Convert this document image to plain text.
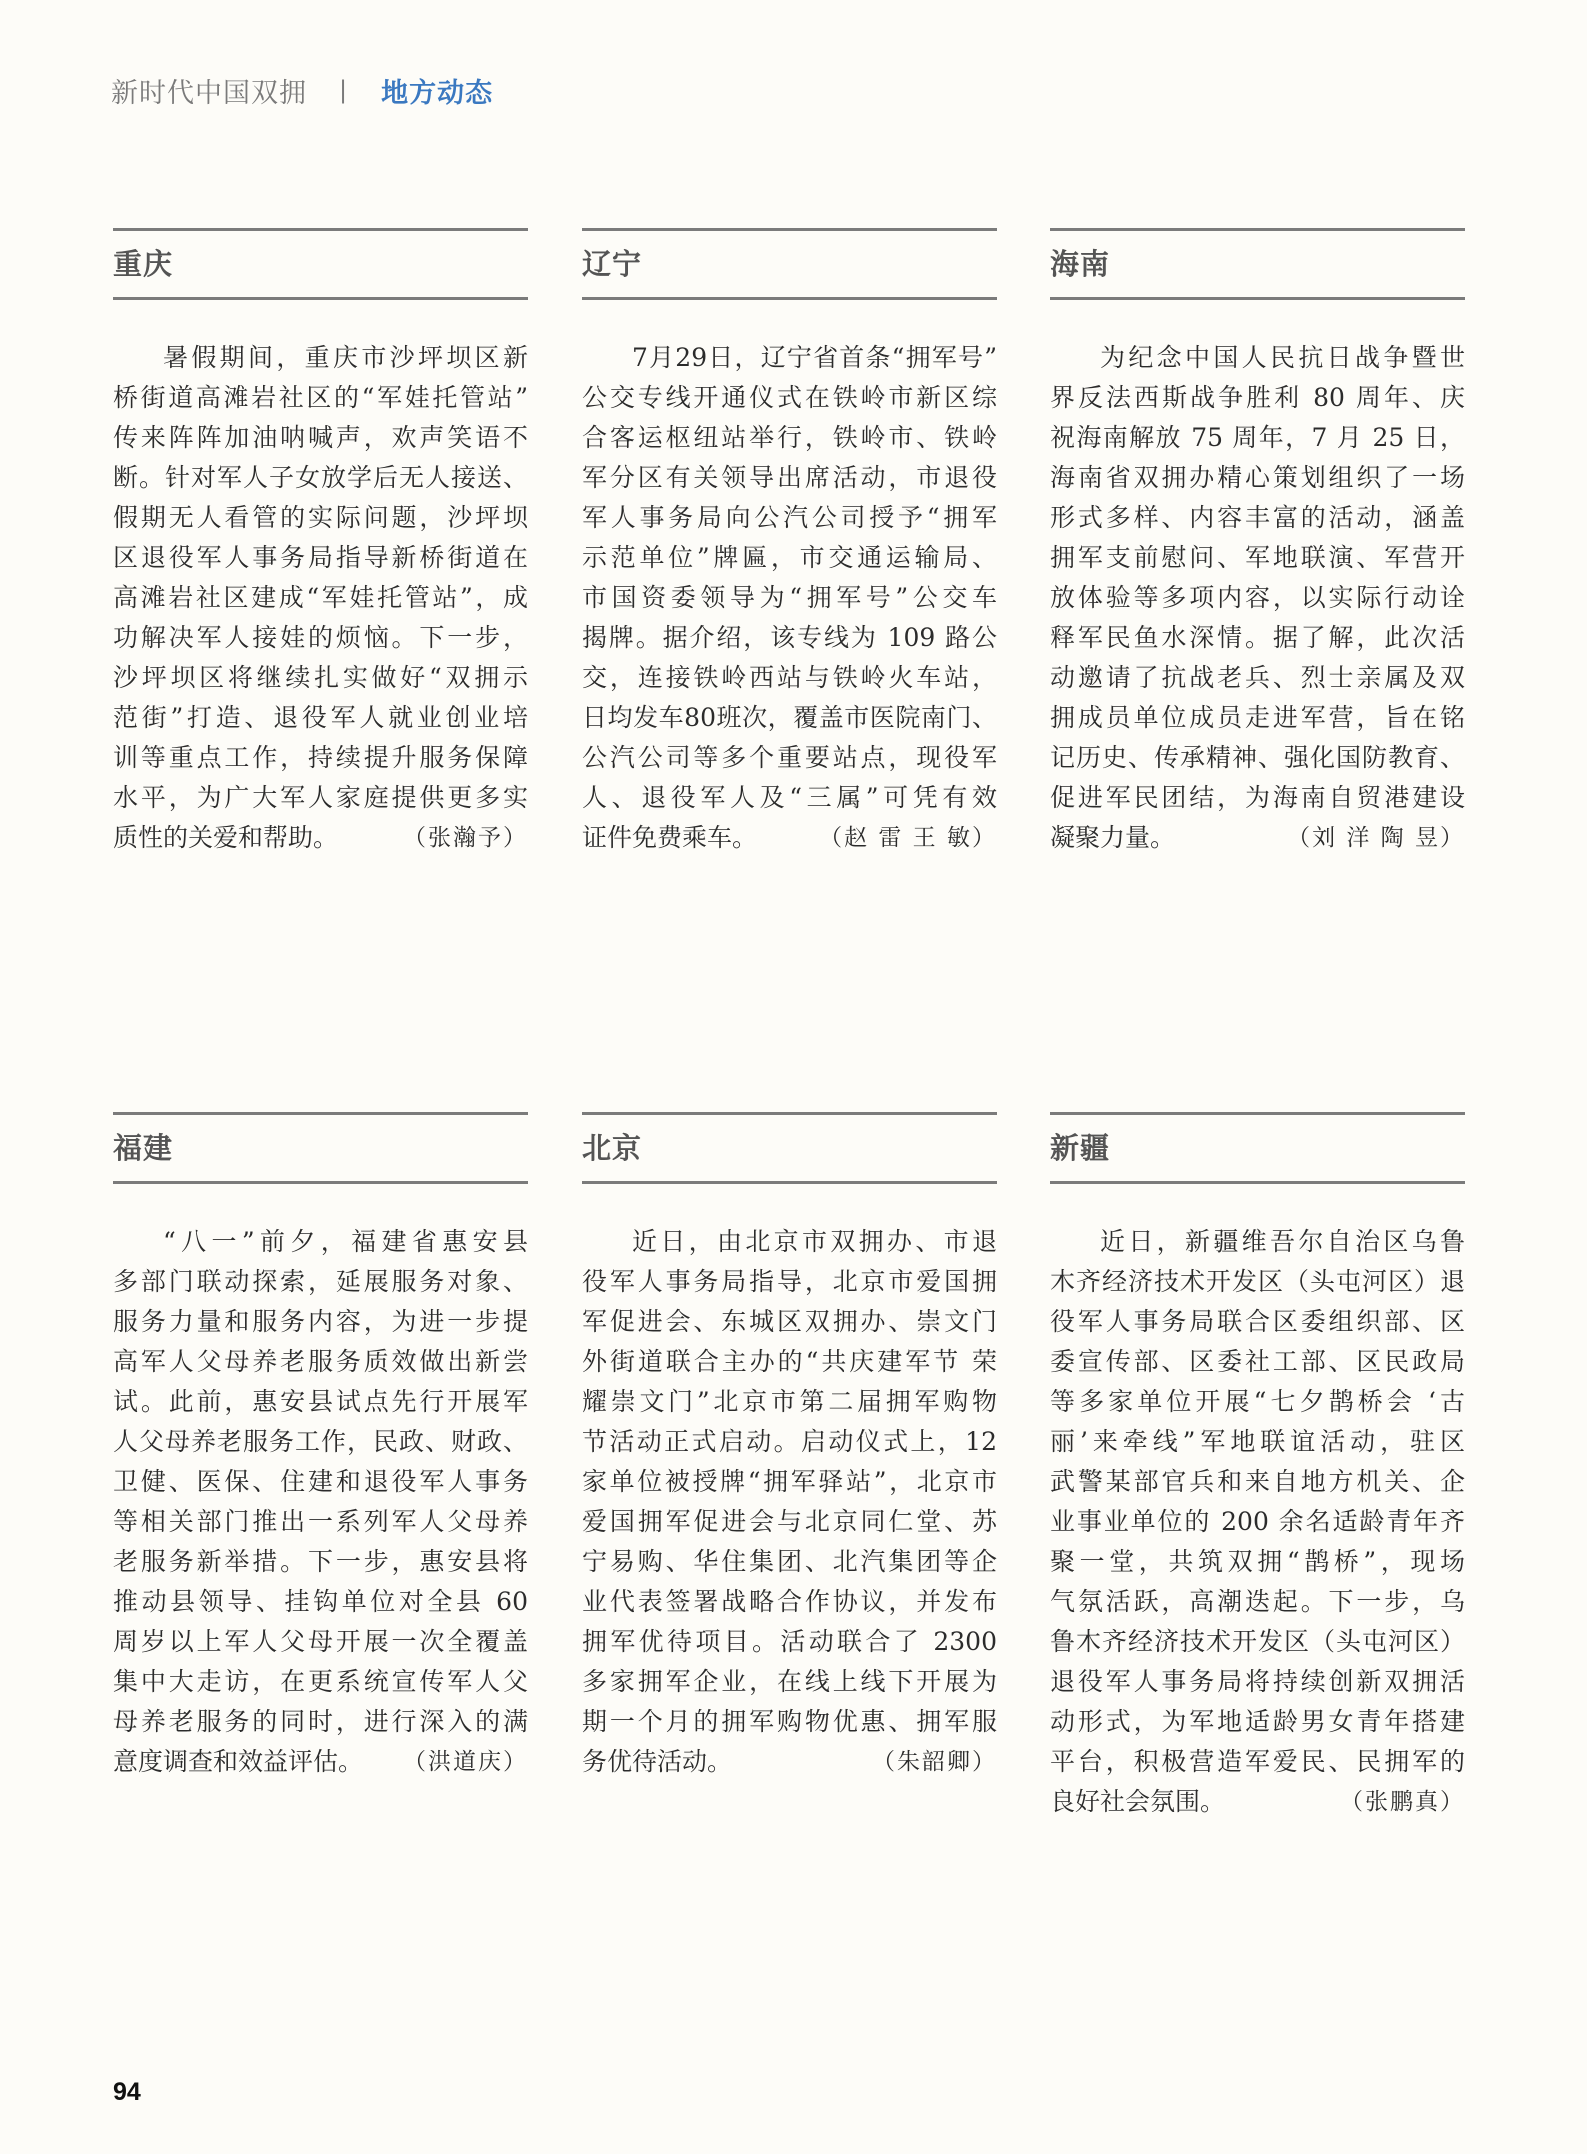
新时代中国双拥 | 地方动态
重庆
暑假期间，重庆市沙坪坝区新
桥街道高滩岩社区的“军娃托管站”
传来阵阵加油呐喊声，欢声笑语不
断。针对军人子女放学后无人接送、
假期无人看管的实际问题，沙坪坝
区退役军人事务局指导新桥街道在
高滩岩社区建成“军娃托管站”，成
功解决军人接娃的烦恼。下一步，
沙坪坝区将继续扎实做好“双拥示
范街”打造、退役军人就业创业培
训等重点工作，持续提升服务保障
水平，为广大军人家庭提供更多实
质性的关爱和帮助。	（张瀚予）
辽宁
7月29日，辽宁省首条“拥军号”
公交专线开通仪式在铁岭市新区综
合客运枢纽站举行，铁岭市、铁岭
军分区有关领导出席活动，市退役
军人事务局向公汽公司授予“拥军
示范单位”牌匾，市交通运输局、
市国资委领导为“拥军号”公交车
揭牌。据介绍，该专线为 109 路公
交，连接铁岭西站与铁岭火车站，
日均发车80班次，覆盖市医院南门、
公汽公司等多个重要站点，现役军
人、退役军人及“三属”可凭有效
证件免费乘车。	（赵 雷 王 敏）
海南
为纪念中国人民抗日战争暨世
界反法西斯战争胜利 80 周年、庆
祝海南解放 75 周年，7 月 25 日，
海南省双拥办精心策划组织了一场
形式多样、内容丰富的活动，涵盖
拥军支前慰问、军地联演、军营开
放体验等多项内容，以实际行动诠
释军民鱼水深情。据了解，此次活
动邀请了抗战老兵、烈士亲属及双
拥成员单位成员走进军营，旨在铭
记历史、传承精神、强化国防教育、
促进军民团结，为海南自贸港建设
凝聚力量。	（刘 洋 陶 昱）
福建
“八一”前夕，福建省惠安县
多部门联动探索，延展服务对象、
服务力量和服务内容，为进一步提
高军人父母养老服务质效做出新尝
试。此前，惠安县试点先行开展军
人父母养老服务工作，民政、财政、
卫健、医保、住建和退役军人事务
等相关部门推出一系列军人父母养
老服务新举措。下一步，惠安县将
推动县领导、挂钩单位对全县 60
周岁以上军人父母开展一次全覆盖
集中大走访，在更系统宣传军人父
母养老服务的同时，进行深入的满
意度调查和效益评估。 （洪道庆）
北京
近日，由北京市双拥办、市退
役军人事务局指导，北京市爱国拥
军促进会、东城区双拥办、崇文门
外街道联合主办的“共庆建军节 荣
耀崇文门”北京市第二届拥军购物
节活动正式启动。启动仪式上，12
家单位被授牌“拥军驿站”，北京市
爱国拥军促进会与北京同仁堂、苏
宁易购、华住集团、北汽集团等企
业代表签署战略合作协议，并发布
拥军优待项目。活动联合了 2300
多家拥军企业，在线上线下开展为
期一个月的拥军购物优惠、拥军服
务优待活动。	（朱韶卿）
新疆
近日，新疆维吾尔自治区乌鲁
木齐经济技术开发区（头屯河区）退
役军人事务局联合区委组织部、区
委宣传部、区委社工部、区民政局
等多家单位开展“七夕鹊桥会 ‘古
丽’来牵线”军地联谊活动，驻区
武警某部官兵和来自地方机关、企
业事业单位的 200 余名适龄青年齐
聚一堂，共筑双拥“鹊桥”，现场
气氛活跃，高潮迭起。下一步，乌
鲁木齐经济技术开发区（头屯河区）
退役军人事务局将持续创新双拥活
动形式，为军地适龄男女青年搭建
平台，积极营造军爱民、民拥军的
良好社会氛围。	（张鹏真）
94
